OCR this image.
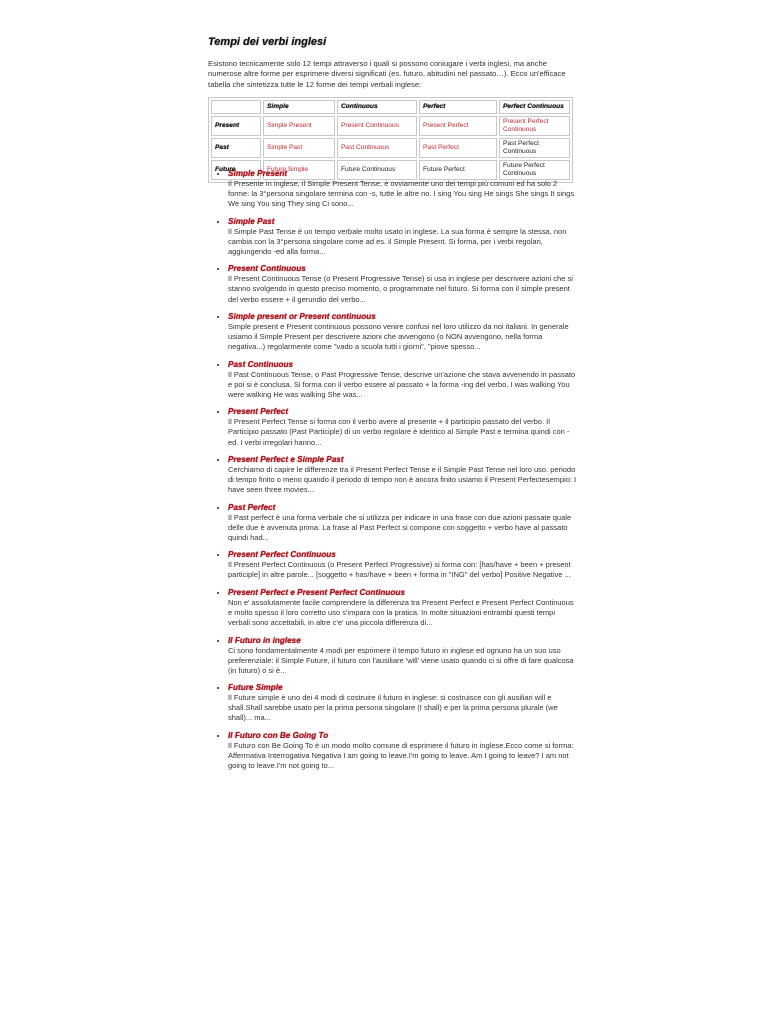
Tempi dei verbi inglesi

Esistono tecnicamente solo 12 tempi attraverso i quali si possono coniugare i verbi inglesi, ma anche numerose altre forme per esprimere diversi significati (es. futuro, abitudini nel passato…). Ecco un'efficace tabella che sintetizza tutte le 12 forme dei tempi verbali inglese:

	Simple	Continuous	Perfect	Perfect Continuous
Present	Simple Present	Present Continuous	Present Perfect	Present Perfect Continuous
Past	Simple Past	Past Continuous	Past Perfect	Past Perfect Continuous
Future	Future Simple	Future Continuous	Future Perfect	Future Perfect Continuous
• Simple Present
Il Presente in inglese, il Simple Present Tense, è ovviamente uno dei tempi più comuni ed ha solo 2 forme: la 3°persona singolare termina con -s, tutte le altre no. I sing You sing He sings She sings It sings We sing You sing They sing Ci sono...
• Simple Past
Il Simple Past Tense è un tempo verbale molto usato in inglese. La sua forma è sempre la stessa, non cambia con la 3°persona singolare come ad es. il Simple Present. Si forma, per i verbi regolari, aggiungendo -ed alla forma...
• Present Continuous
Il Present Continuous Tense (o Present Progressive Tense) si usa in inglese per descrivere azioni che si stanno svolgendo in questo preciso momento, o programmate nel futuro. Si forma con il simple present del verbo essere + il gerundio del verbo...
• Simple present or Present continuous
Simple present e Present continuous possono venire confusi nel loro utilizzo da noi italiani. In generale usiamo il Simple Present per descrivere azioni che avvengono (o NON avvengono, nella forma negativa...) regolarmente come "vado a scuola tutti i giorni", "piove spesso...
• Past Continuous
Il Past Continuous Tense, o Past Progressive Tense, descrive un'azione che stava avvenendo in passato e poi si è conclusa. Si forma con il verbo essere al passato + la forma -ing del verbo. I was walking You were walking He was walking She was...
• Present Perfect
Il Present Perfect Tense si forma con il verbo avere al presente + il participio passato del verbo. Il Participio passato (Past Participle) di un verbo regolare è identico al Simple Past e termina quindi con -ed. I verbi irregolari hanno...
• Present Perfect e Simple Past
Cerchiamo di capire le differenze tra il Present Perfect Tense e il Simple Past Tense nel loro uso. periodo di tempo finito o meno quando il periodo di tempo non è ancora finito usiamo il Present Perfectesempio: I have seen three movies...
• Past Perfect
Il Past perfect è una forma verbale che si utilizza per indicare in una frase con due azioni passate quale delle due è avvenuta prima. La frase al Past Perfect si compone con soggetto + verbo have al passato quindi had...
• Present Perfect Continuous
Il Present Perfect Continuous (o Present Perfect Progressive) si forma con: [has/have + been + present participle] in altre parole... [soggetto + has/have + been + forma in "ING" del verbo] Positive Negative ...
• Present Perfect e Present Perfect Continuous
Non e' assolutamente facile comprendere la differenza tra Present Perfect e Present Perfect Continuous e molto spesso il loro corretto uso s'impara con la pratica. In molte situazioni entrambi questi tempi verbali sono accettabili, in altre c'e' una piccola differenza di...
• Il Futuro in inglese
Ci sono fondamentalmente 4 modi per esprimere il tempo futuro in inglese ed ognuno ha un suo uso preferenziale: il Simple Future, il futuro con l'ausiliare 'will' viene usato quando ci si offre di fare qualcosa (in futuro) o si è...
• Future Simple
Il Future simple è uno dei 4 modi di costruire il futuro in inglese: si costruisce con gli ausiliari will e shall.Shall sarebbe usato per la prima persona singolare (I shall) e per la prima persona plurale (we shall)... ma...
• Il Futuro con Be Going To
Il Futuro con Be Going To è un modo molto comune di esprimere il futuro in inglese.Ecco come si forma: Affermativa Interrogativa Negativa I am going to leave.I'm going to leave. Am I going to leave? I am not going to leave.I'm not going to...
